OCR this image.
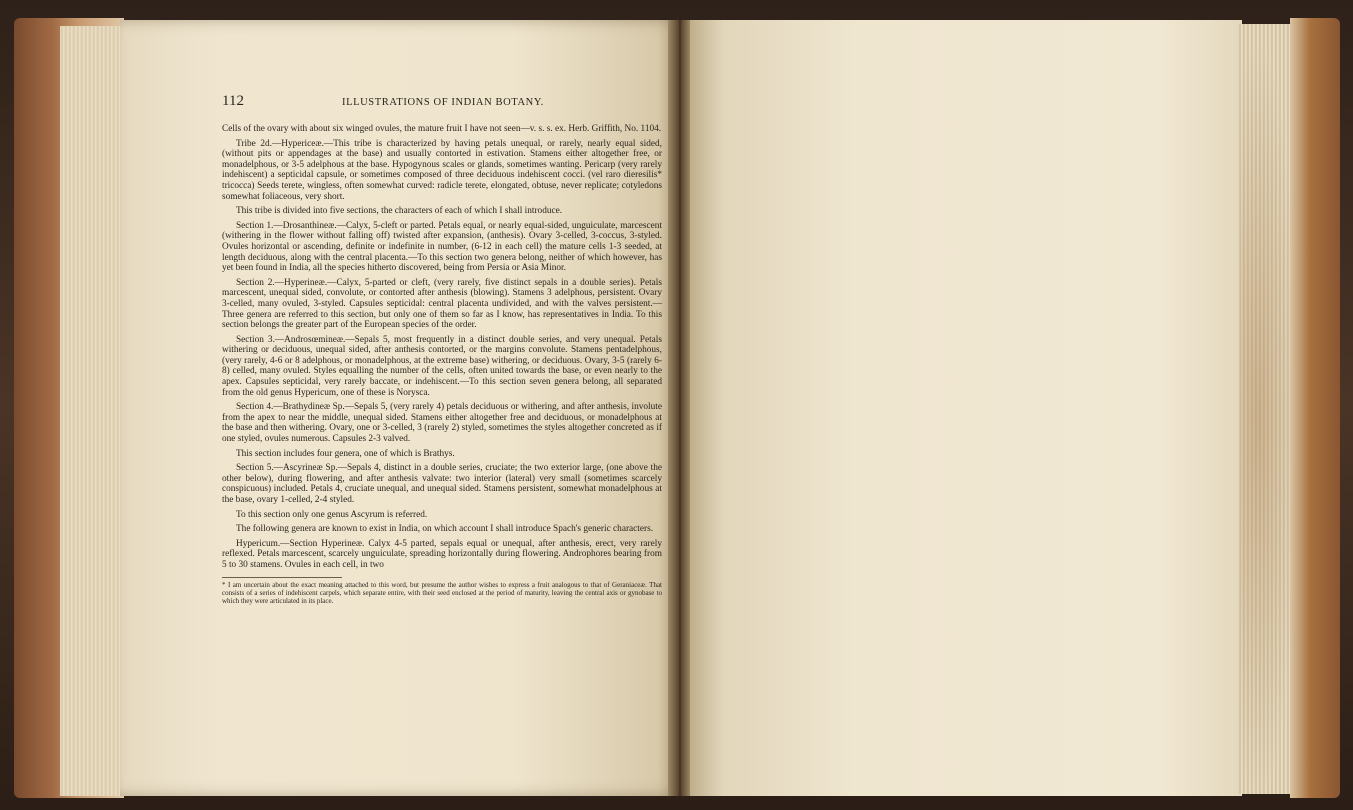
112	ILLUSTRATIONS OF INDIAN BOTANY.

Cells of the ovary with about six winged ovules, the mature fruit I have not seen—v. s. s. ex. Herb. Griffith, No. 1104.

Tribe 2d.—Hypericeæ.—This tribe is characterized by having petals unequal, or rarely, nearly equal sided, (without pits or appendages at the base) and usually contorted in estivation. Stamens either altogether free, or monadelphous, or 3-5 adelphous at the base. Hypogynous scales or glands, sometimes wanting. Pericarp (very rarely indehiscent) a septicidal capsule, or sometimes composed of three deciduous indehiscent cocci. (vel raro dieresilis* tricocca) Seeds terete, wingless, often somewhat curved: radicle terete, elongated, obtuse, never replicate; cotyledons somewhat foliaceous, very short.

This tribe is divided into five sections, the characters of each of which I shall introduce.

Section 1.—Drosanthineæ.—Calyx, 5-cleft or parted. Petals equal, or nearly equal-sided, unguiculate, marcescent (withering in the flower without falling off) twisted after expansion, (anthesis). Ovary 3-celled, 3-coccus, 3-styled. Ovules horizontal or ascending, definite or indefinite in number, (6-12 in each cell) the mature cells 1-3 seeded, at length deciduous, along with the central placenta.—To this section two genera belong, neither of which however, has yet been found in India, all the species hitherto discovered, being from Persia or Asia Minor.

Section 2.—Hyperineæ.—Calyx, 5-parted or cleft, (very rarely, five distinct sepals in a double series). Petals marcescent, unequal sided, convolute, or contorted after anthesis (blowing). Stamens 3 adelphous, persistent. Ovary 3-celled, many ovuled, 3-styled. Capsules septicidal: central placenta undivided, and with the valves persistent.—Three genera are referred to this section, but only one of them so far as I know, has representatives in India. To this section belongs the greater part of the European species of the order.

Section 3.—Androsœmineæ.—Sepals 5, most frequently in a distinct double series, and very unequal. Petals withering or deciduous, unequal sided, after anthesis contorted, or the margins convolute. Stamens pentadelphous, (very rarely, 4-6 or 8 adelphous, or monadelphous, at the extreme base) withering, or deciduous. Ovary, 3-5 (rarely 6-8) celled, many ovuled. Styles equalling the number of the cells, often united towards the base, or even nearly to the apex. Capsules septicidal, very rarely baccate, or indehiscent.—To this section seven genera belong, all separated from the old genus Hypericum, one of these is Norysca.

Section 4.—Brathydineæ Sp.—Sepals 5, (very rarely 4) petals deciduous or withering, and after anthesis, involute from the apex to near the middle, unequal sided. Stamens either altogether free and deciduous, or monadelphous at the base and then withering. Ovary, one or 3-celled, 3 (rarely 2) styled, sometimes the styles altogether concreted as if one styled, ovules numerous. Capsules 2-3 valved.

This section includes four genera, one of which is Brathys.

Section 5.—Ascyrineæ Sp.—Sepals 4, distinct in a double series, cruciate; the two exterior large, (one above the other below), during flowering, and after anthesis valvate: two interior (lateral) very small (sometimes scarcely conspicuous) included. Petals 4, cruciate unequal, and unequal sided. Stamens persistent, somewhat monadelphous at the base, ovary 1-celled, 2-4 styled.

To this section only one genus Ascyrum is referred.

The following genera are known to exist in India, on which account I shall introduce Spach's generic characters.

Hypericum.—Section Hyperineæ. Calyx 4-5 parted, sepals equal or unequal, after anthesis, erect, very rarely reflexed. Petals marcescent, scarcely unguiculate, spreading horizontally during flowering. Androphores bearing from 5 to 30 stamens. Ovules in each cell, in two

* I am uncertain about the exact meaning attached to this word, but presume the author wishes to express a fruit analogous to that of Geraniaceæ. That consists of a series of indehiscent carpels, which separate entire, with their seed enclosed at the period of maturity, leaving the central axis or gynobase to which they were articulated in its place.
